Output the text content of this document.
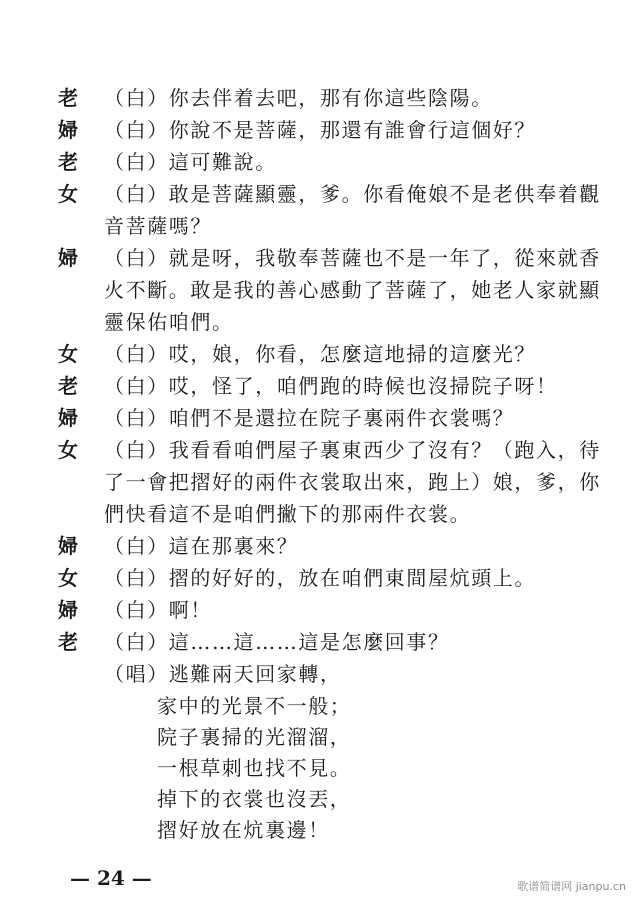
老 （白）你去伴着去吧，那有你這些陰陽。
婦 （白）你說不是菩薩，那還有誰會行這個好？
老 （白）這可難說。
女 （白）敢是菩薩顯靈，爹。你看俺娘不是老供奉着觀
音菩薩嗎？
婦 （白）就是呀，我敬奉菩薩也不是一年了，從來就香
火不斷。敢是我的善心感動了菩薩了，她老人家就顯
靈保佑咱們。
女 （白）哎，娘，你看，怎麼這地掃的這麼光？
老 （白）哎，怪了，咱們跑的時候也沒掃院子呀！
婦 （白）咱們不是還拉在院子裏兩件衣裳嗎？
女 （白）我看看咱們屋子裏東西少了沒有？（跑入，待
了一會把摺好的兩件衣裳取出來，跑上）娘，爹，你
們快看這不是咱們撇下的那兩件衣裳。
婦 （白）這在那裏來？
女 （白）摺的好好的，放在咱們東間屋炕頭上。
婦 （白）啊！
老 （白）這……這……這是怎麼回事？
（唱）逃難兩天回家轉，
家中的光景不一般；
院子裏掃的光溜溜，
一根草刺也找不見。
掉下的衣裳也沒丟，
摺好放在炕裏邊！
— 24 —	歌谱简谱网 jianpu.cn
